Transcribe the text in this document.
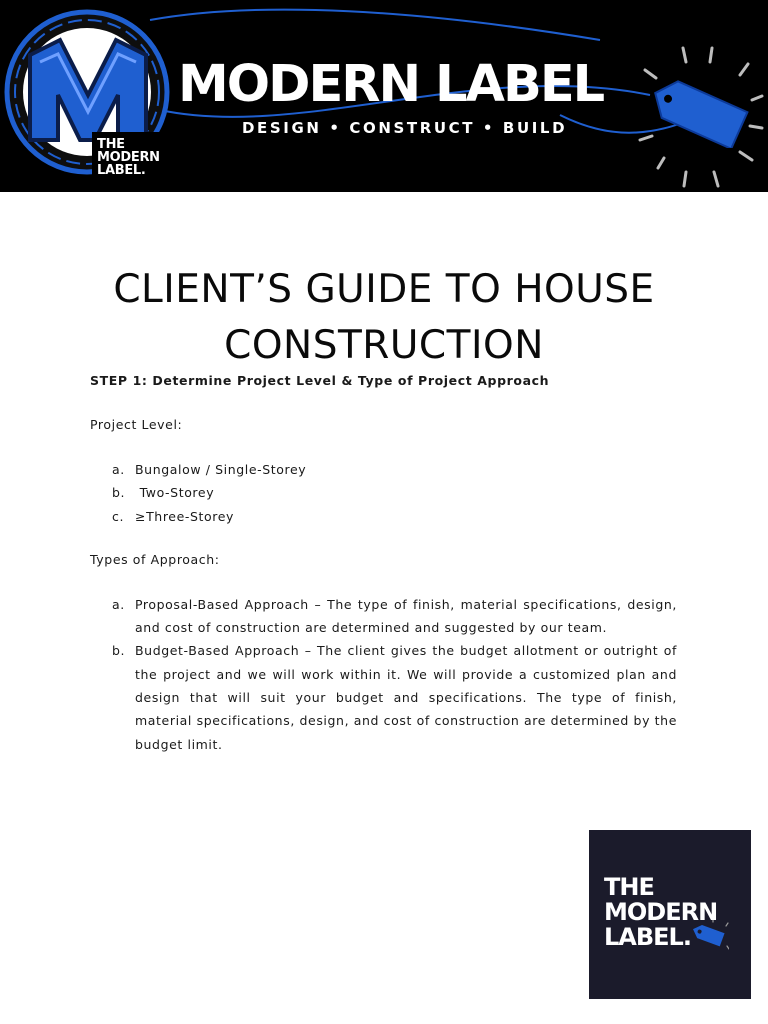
THE
MODERN
LABEL.
MODERN LABEL
DESIGN • CONSTRUCT • BUILD
CLIENT’S GUIDE TO HOUSE
CONSTRUCTION

STEP 1: Determine Project Level & Type of Project Approach

Project Level:

a. Bungalow / Single-Storey
b. Two-Storey
c. ≥Three-Storey

Types of Approach:

a. Proposal-Based Approach – The type of finish, material specifications, design, and cost of construction are determined and suggested by our team.
b. Budget-Based Approach – The client gives the budget allotment or outright of the project and we will work within it. We will provide a customized plan and design that will suit your budget and specifications. The type of finish, material specifications, design, and cost of construction are determined by the budget limit.
THE
MODERN
LABEL.
